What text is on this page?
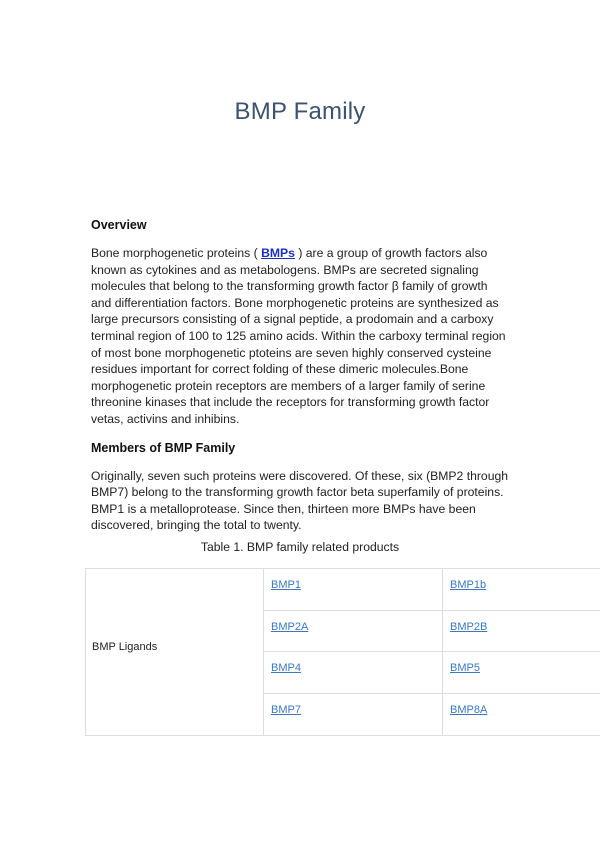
BMP Family
Overview

Bone morphogenetic proteins ( BMPs ) are a group of growth factors also known as cytokines and as metabologens. BMPs are secreted signaling molecules that belong to the transforming growth factor β family of growth and differentiation factors. Bone morphogenetic proteins are synthesized as large precursors consisting of a signal peptide, a prodomain and a carboxy terminal region of 100 to 125 amino acids. Within the carboxy terminal region of most bone morphogenetic ptoteins are seven highly conserved cysteine residues important for correct folding of these dimeric molecules.Bone morphogenetic protein receptors are members of a larger family of serine threonine kinases that include the receptors for transforming growth factor vetas, activins and inhibins.

Members of BMP Family

Originally, seven such proteins were discovered. Of these, six (BMP2 through BMP7) belong to the transforming growth factor beta superfamily of proteins. BMP1 is a metalloprotease. Since then, thirteen more BMPs have been discovered, bringing the total to twenty.

Table 1. BMP family related products
BMP Ligands
BMP1	BMP1b
BMP2A	BMP2B
BMP4	BMP5
BMP7	BMP8A
